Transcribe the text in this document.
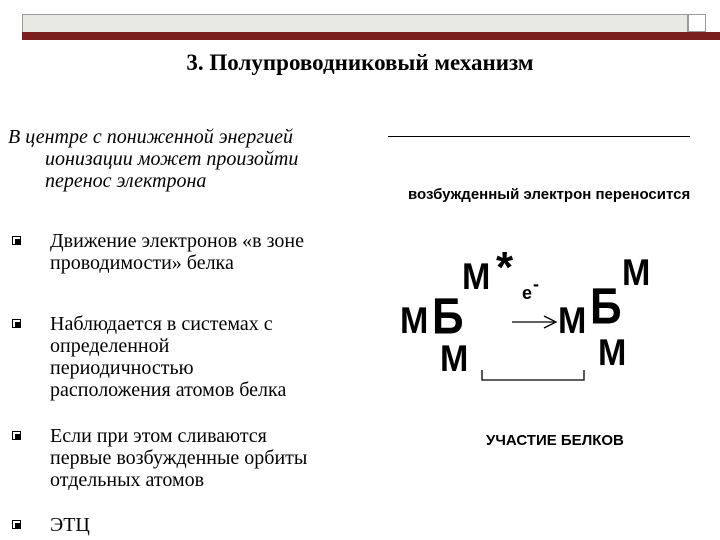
3. Полупроводниковый механизм
В центре с пониженной энергией
ионизации может произойти
перенос электрона
Движение электронов «в зоне
проводимости» белка
Наблюдается в системах с
определенной
периодичностью
расположения атомов белка
Если при этом сливаются
первые возбужденные орбиты
отдельных атомов
ЭТЦ
возбужденный электрон переносится
М Б
М *
М
e -
М Б
М
М
УЧАСТИЕ БЕЛКОВ
